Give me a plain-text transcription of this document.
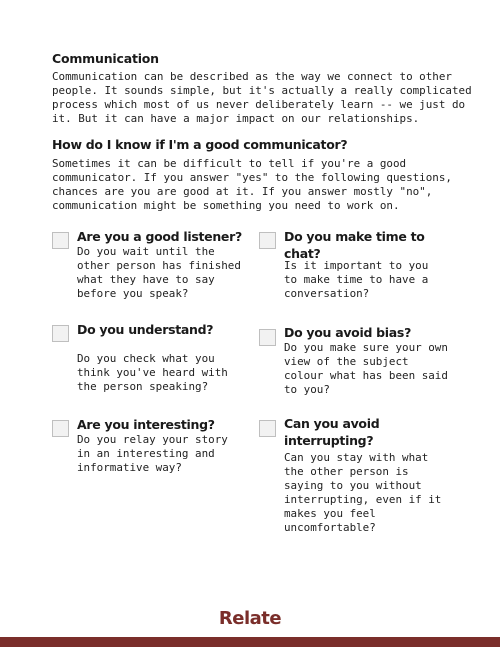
Communication

Communication can be described as the way we connect to other people. It sounds simple, but it's actually a really complicated process which most of us never deliberately learn -- we just do it. But it can have a major impact on our relationships.

How do I know if I'm a good communicator?

Sometimes it can be difficult to tell if you're a good communicator. If you answer "yes" to the following questions, chances are you are good at it. If you answer mostly "no", communication might be something you need to work on.

Are you a good listener?
Do you wait until the other person has finished what they have to say before you speak?
Do you make time to chat?
Is it important to you to make time to have a conversation?
Do you understand?
Do you check what you think you've heard with the person speaking?
Do you avoid bias?
Do you make sure your own view of the subject colour what has been said to you?
Are you interesting?
Do you relay your story in an interesting and informative way?
Can you avoid interrupting?
Can you stay with what the other person is saying to you without interrupting, even if it makes you feel uncomfortable?
Relate
